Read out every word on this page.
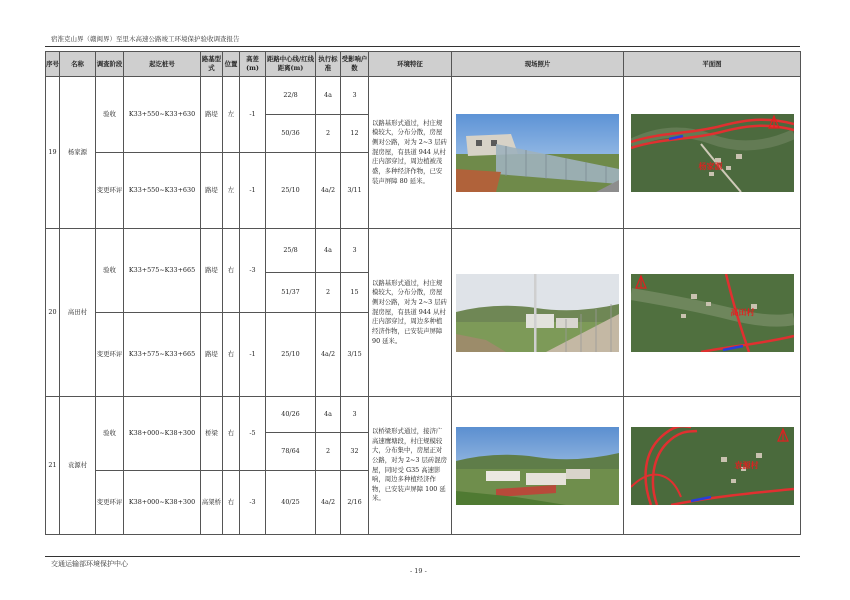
宿淮克山界（赣闽界）至里木高速公路竣工环境保护验收调查报告
序号	名称	调查阶段	起讫桩号	路基型式	位置	高差(m)	距路中心线/红线距离(m)	执行标准	受影响户数	环境特征	现场照片	平面图
19	杨家源	验收	K33+550~K33+630	路堤	左	-1	22/8	4a	3	以路基形式通过，村庄规模较大，分布分散，房屋侧对公路，对为 2~3 层砖混房屋，有县道 944 从村庄内部穿过，周边植被茂盛，多种经济作物，已安装声屏障 80 延米。		杨家源

							50/36	2	12			
		变更环评	K33+550~K33+630	路堤	左	-1	25/10	4a/2	3/11			
20	高田村	验收	K33+575~K33+665	路堤	右	-3	25/8	4a	3	以路基形式通过，村庄规模较大，分布分散，房屋侧对公路，对为 2~3 层砖混房屋，有县道 944 从村庄内部穿过，周边多种植经济作物，已安装声屏障 90 延米。		高田村

							51/37	2	15			
		变更环评	K33+575~K33+665	路堤	右	-1	25/10	4a/2	3/15			
21	袁源村	验收	K38+000~K38+300	桥梁	右	-5	40/26	4a	3	以桥梁形式通过，接济广高速鹰塘段，村庄规模较大，分布集中，房屋正对公路，对为 2~3 层砖混房屋，同时受 G35 高速影响，周边多种植经济作物，已安装声屏障 100 延米。		袁源村

							78/64	2	32			
		变更环评	K38+000~K38+300	高架桥	右	-3	40/25	4a/2	2/16			
交通运输部环境保护中心
- 19 -
